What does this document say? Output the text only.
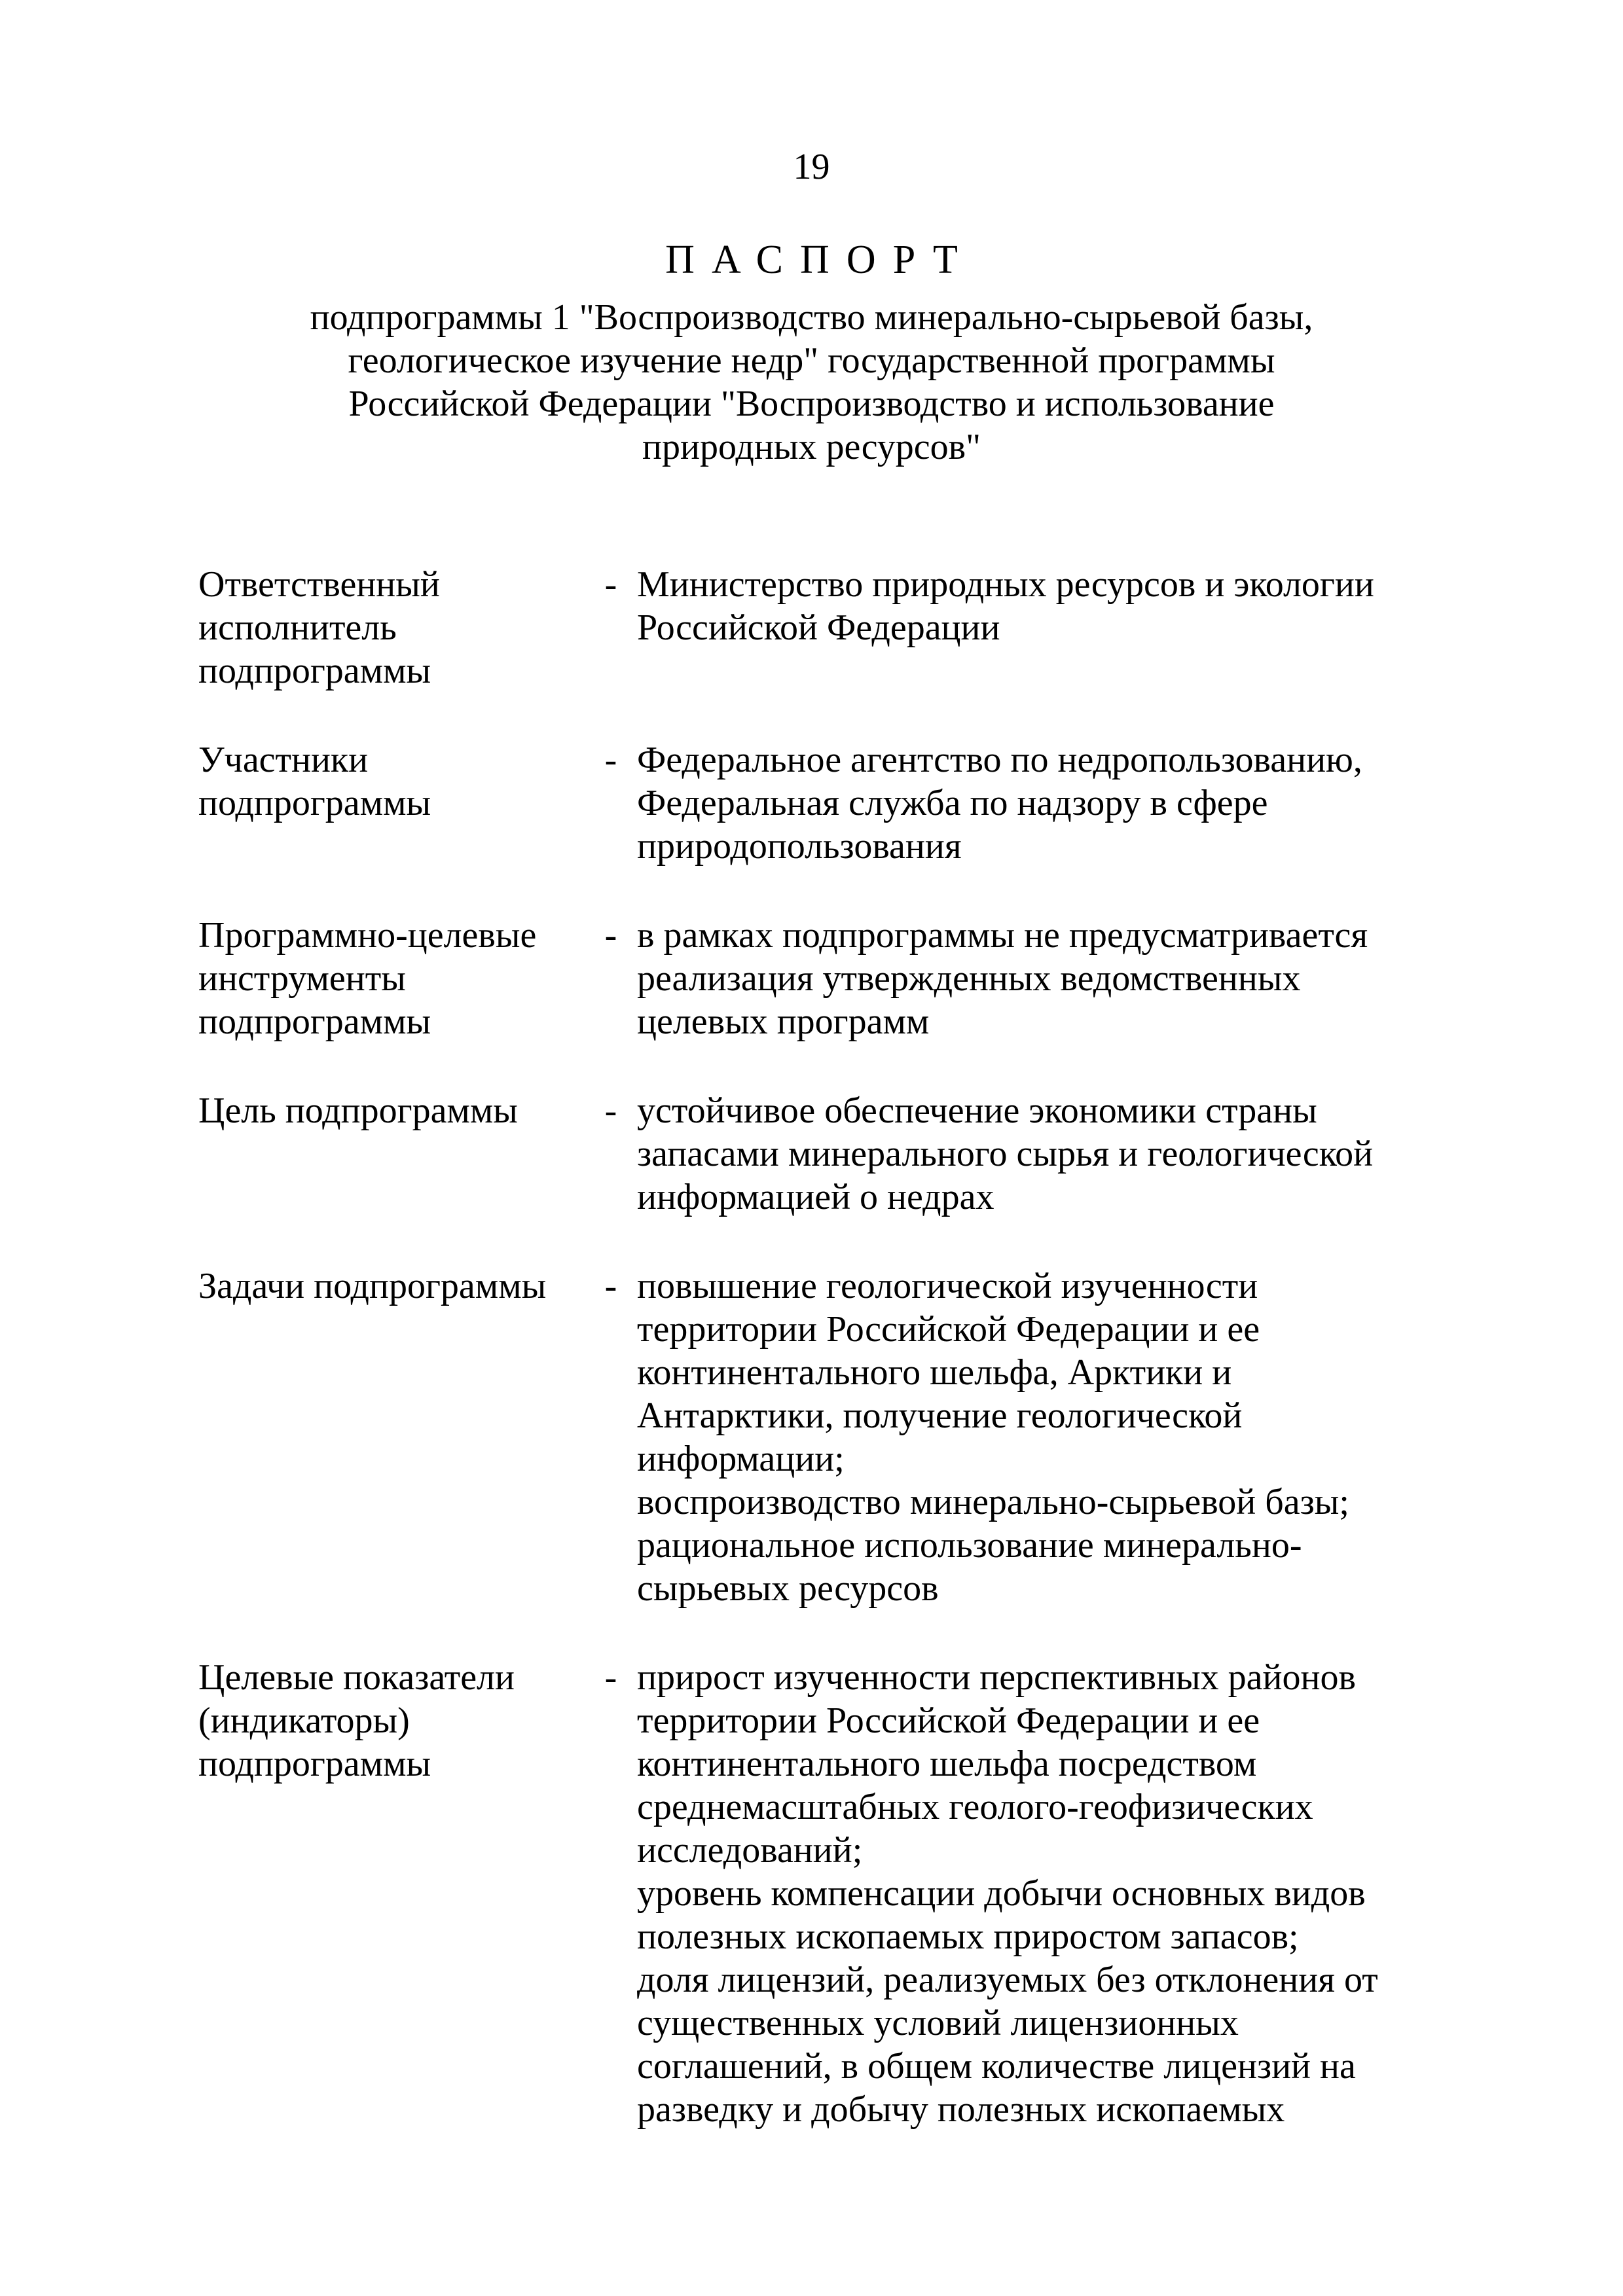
19
ПАСПОРТ
подпрограммы 1 "Воспроизводство минерально-сырьевой базы,
геологическое изучение недр" государственной программы
Российской Федерации "Воспроизводство и использование
природных ресурсов"
Ответственный
исполнитель
подпрограммы
- Министерство природных ресурсов и экологии
Российской Федерации
Участники
подпрограммы
- Федеральное агентство по недропользованию,
Федеральная служба по надзору в сфере
природопользования
Программно-целевые
инструменты
подпрограммы
- в рамках подпрограммы не предусматривается
реализация утвержденных ведомственных
целевых программ
Цель подпрограммы	- устойчивое обеспечение экономики страны
запасами минерального сырья и геологической
информацией о недрах
Задачи подпрограммы	- повышение геологической изученности
территории Российской Федерации и ее
континентального шельфа, Арктики и
Антарктики, получение геологической
информации;
воспроизводство минерально-сырьевой базы;
рациональное использование минерально-
сырьевых ресурсов
Целевые показатели
(индикаторы)
подпрограммы
- прирост изученности перспективных районов
территории Российской Федерации и ее
континентального шельфа посредством
среднемасштабных геолого-геофизических
исследований;
уровень компенсации добычи основных видов
полезных ископаемых приростом запасов;
доля лицензий, реализуемых без отклонения от
существенных условий лицензионных
соглашений, в общем количестве лицензий на
разведку и добычу полезных ископаемых
